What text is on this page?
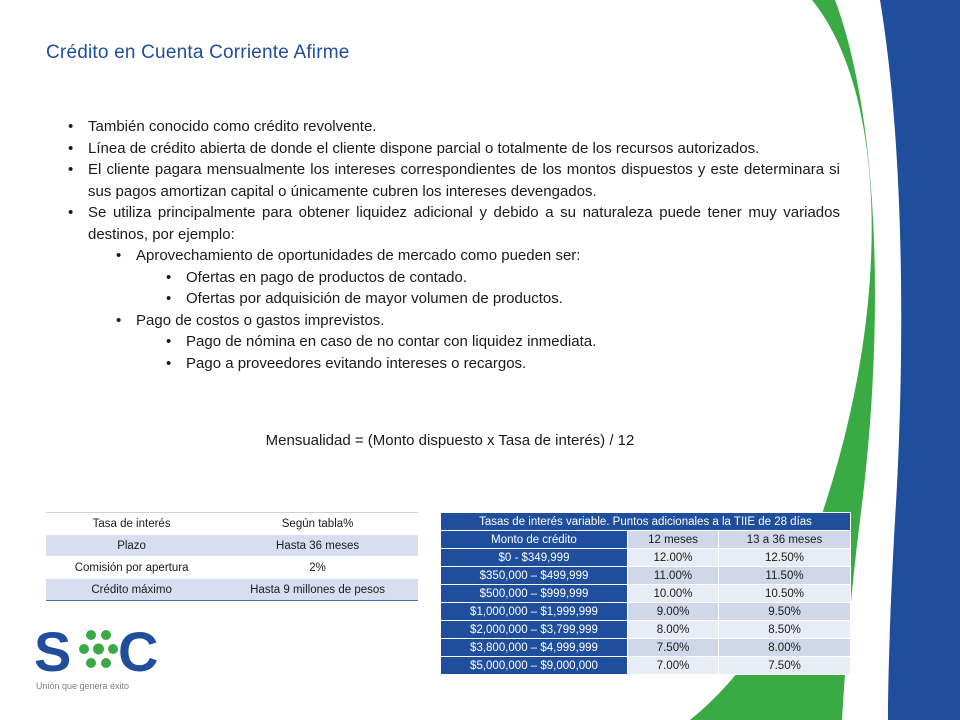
Crédito en Cuenta Corriente Afirme
• También conocido como crédito revolvente.
• Línea de crédito abierta de donde el cliente dispone parcial o totalmente de los recursos autorizados.
• El cliente pagara mensualmente los intereses correspondientes de los montos dispuestos y este determinara si sus pagos amortizan capital o únicamente cubren los intereses devengados.
• Se utiliza principalmente para obtener liquidez adicional y debido a su naturaleza puede tener muy variados destinos, por ejemplo:
• Aprovechamiento de oportunidades de mercado como pueden ser:
• Ofertas en pago de productos de contado.
• Ofertas por adquisición de mayor volumen de productos.
• Pago de costos o gastos imprevistos.
• Pago de nómina en caso de no contar con liquidez inmediata.
• Pago a proveedores evitando intereses o recargos.
Mensualidad = (Monto dispuesto x Tasa de interés) / 12
Tasa de interés	Según tabla%
Plazo	Hasta 36 meses
Comisión por apertura	2%
Crédito máximo	Hasta 9 millones de pesos
Tasas de interés variable. Puntos adicionales a la TIIE de 28 días		
Monto de crédito	12 meses	13 a 36 meses
$0 - $349,999	12.00%	12.50%
$350,000 – $499,999	11.00%	11.50%
$500,000 – $999,999	10.00%	10.50%
$1,000,000 – $1,999,999	9.00%	9.50%
$2,000,000 – $3,799,999	8.00%	8.50%
$3,800,000 – $4,999,999	7.50%	8.00%
$5,000,000 – $9,000,000	7.00%	7.50%
S C
Unión que genera éxito
